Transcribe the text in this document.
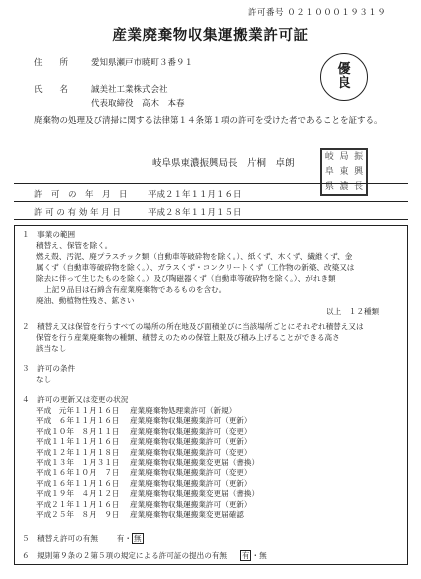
許可番号 ０２１０００１９３１９
産業廃棄物収集運搬業許可証
住　　所	愛知県瀬戸市暁町３番９１
氏　　名	誠美社工業株式会社
代表取締役　高木　本春
優
良
廃棄物の処理及び清掃に関する法律第１４条第１項の許可を受けた者であることを証する。
岐阜県東濃振興局長　片桐　卓朗
岐 局 振
阜 東 興
県 濃 長
許　可　の　年　月　日 平成２１年１１月１６日
許 可 の 有 効 年 月 日	平成２８年１１月１５日
１　事業の範囲
積替え、保管を除く。
燃え殻、汚泥、廃プラスチック類（自動車等破砕物を除く。）、紙くず、木くず、繊維くず、金
属くず（自動車等破砕物を除く。）、ガラスくず・コンクリートくず（工作物の新築、改築又は
除去に伴って生じたものを除く。）及び陶磁器くず（自動車等破砕物を除く。）、がれき類
上記９品目は石綿含有産業廃棄物であるものを含む。
廃油、動植物性残さ、鉱さい
以上　１２種類
２　積替え又は保管を行うすべての場所の所在地及び面積並びに当該場所ごとにそれぞれ積替え又は
保管を行う産業廃棄物の種類、積替えのための保管上限及び積み上げることができる高さ
該当なし
３　許可の条件
なし
４　許可の更新又は変更の状況
平成　元年１１月１６日 産業廃棄物処理業許可（新規）
平成　６年１１月１６日 産業廃棄物収集運搬業許可（更新）
平成１０年　８月１１日 産業廃棄物収集運搬業許可（変更）
平成１１年１１月１６日 産業廃棄物収集運搬業許可（更新）
平成１２年１１月１８日 産業廃棄物収集運搬業許可（変更）
平成１３年　１月３１日 産業廃棄物収集運搬業変更届（書換）
平成１６年１０月　７日 産業廃棄物収集運搬業許可（変更）
平成１６年１１月１６日 産業廃棄物収集運搬業許可（更新）
平成１９年　４月１２日 産業廃棄物収集運搬業変更届（書換）
平成２１年１１月１６日 産業廃棄物収集運搬業許可（更新）
平成２５年　８月　９日 産業廃棄物収集運搬業変更届確認
５　積替え許可の有無 有・ 無
６　規則第９条の２第５項の規定による許可証の提出の有無 有 ・無
